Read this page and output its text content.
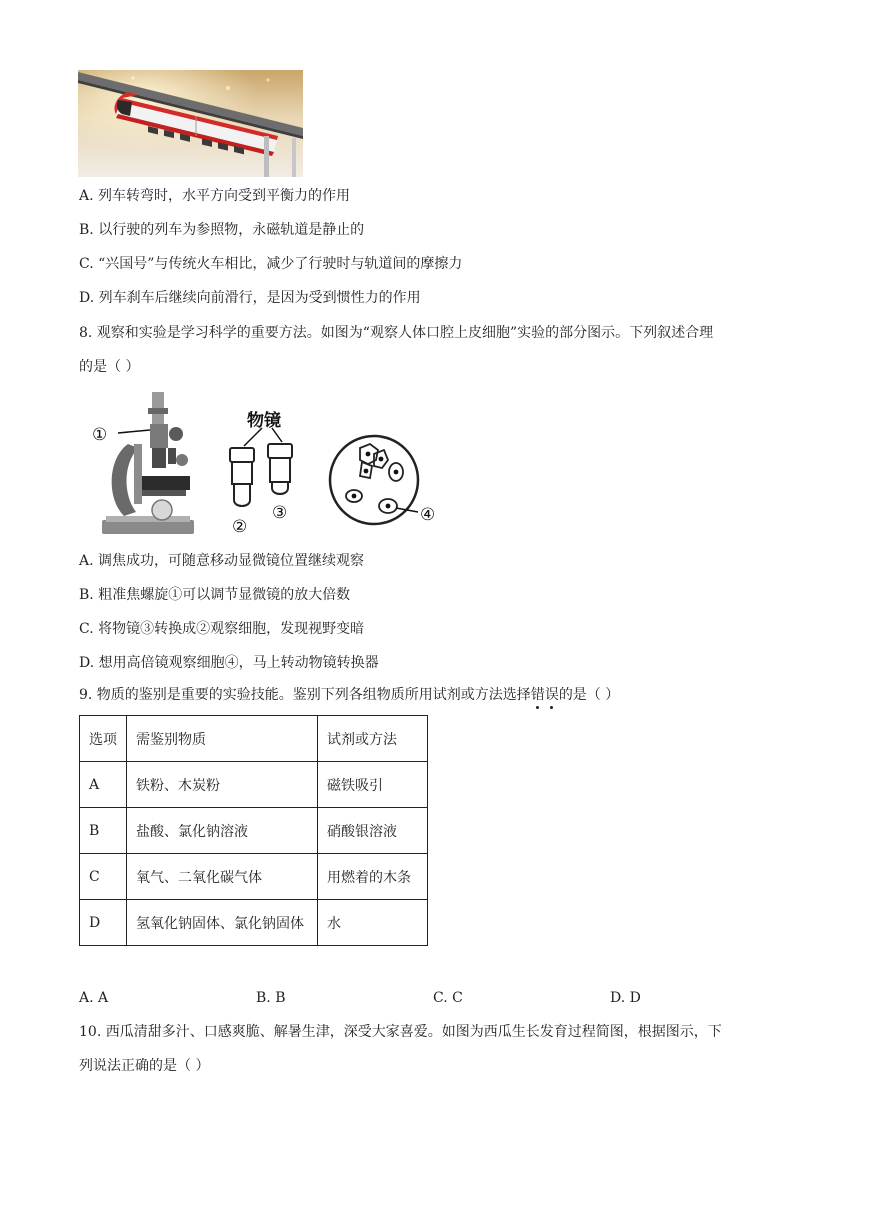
A. 列车转弯时，水平方向受到平衡力的作用
B. 以行驶的列车为参照物，永磁轨道是静止的
C. “兴国号”与传统火车相比，减少了行驶时与轨道间的摩擦力
D. 列车刹车后继续向前滑行，是因为受到惯性力的作用
8. 观察和实验是学习科学的重要方法。如图为“观察人体口腔上皮细胞”实验的部分图示。下列叙述合理
的是（ ）
①
物镜
②
③	④
A. 调焦成功，可随意移动显微镜位置继续观察
B. 粗准焦螺旋①可以调节显微镜的放大倍数
C. 将物镜③转换成②观察细胞，发现视野变暗
D. 想用高倍镜观察细胞④，马上转动物镜转换器
9. 物质的鉴别是重要的实验技能。鉴别下列各组物质所用试剂或方法选择错误的是（ ）
选项	需鉴别物质	试剂或方法
A	铁粉、木炭粉	磁铁吸引
B	盐酸、氯化钠溶液	硝酸银溶液
C	氧气、二氧化碳气体	用燃着的木条
D	氢氧化钠固体、氯化钠固体	水
A. A	B. B	C. C	D. D
10. 西瓜清甜多汁、口感爽脆、解暑生津，深受大家喜爱。如图为西瓜生长发育过程简图，根据图示，下
列说法正确的是（ ）
